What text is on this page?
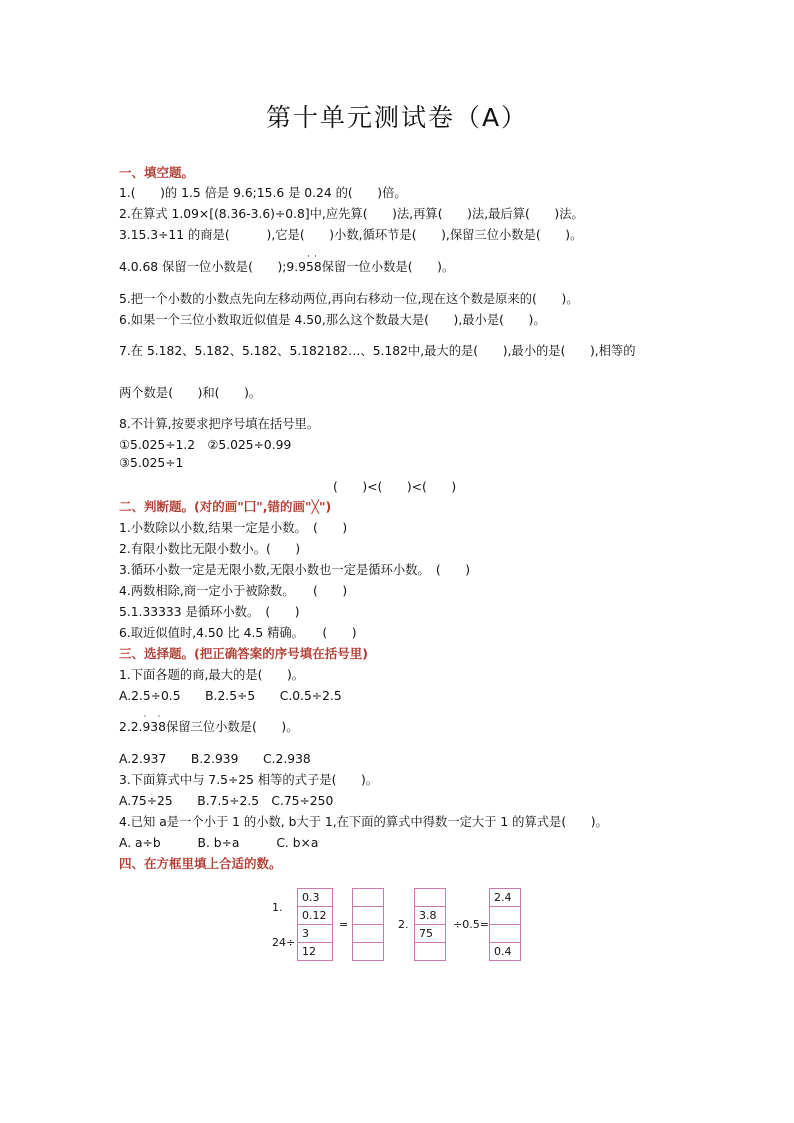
第十单元测试卷（A）
一、填空题。
1.(　　)的 1.5 倍是 9.6;15.6 是 0.24 的(　　)倍。
2.在算式 1.09×[(8.36-3.6)÷0.8]中,应先算(　　)法,再算(　　)法,最后算(　　)法。
3.15.3÷11 的商是(　　　),它是(　　)小数,循环节是(　　),保留三位小数是(　　)。
4.0.68 保留一位小数是(　　);9.958
· ·
保留一位小数是(　　)。
5.把一个小数的小数点先向左移动两位,再向右移动一位,现在这个数是原来的(　　)。
6.如果一个三位小数取近似值是 4.50,那么这个数最大是(　　),最小是(　　)。
7.在 5.182、5.182、5.182、5.182182…、5.182中,最大的是(　　),最小的是(　　),相等的
两个数是(　　)和(　　)。
8.不计算,按要求把序号填在括号里。
①5.025÷1.2　 ②5.025÷0.99
③5.025÷1
(　　)<(　　)<(　　)
二、判断题。(对的画"囗",错的画"╳")
1.小数除以小数,结果一定是小数。　(　　)
2.有限小数比无限小数小。(　　)
3.循环小数一定是无限小数,无限小数也一定是循环小数。　(　　)
4.两数相除,商一定小于被除数。　　(　　)
5.1.33333 是循环小数。　(　　)
6.取近似值时,4.50 比 4.5 精确。　　(　　)
三、选择题。(把正确答案的序号填在括号里)
1.下面各题的商,最大的是(　　)。
A.2.5÷0.5　　B.2.5÷5　　C.0.5÷2.5
2.2.938
· ·
保留三位小数是(　　)。
A.2.937　　B.2.939　　C.2.938
3.下面算式中与 7.5÷25 相等的式子是(　　)。
A.75÷25　　B.7.5÷2.5　C.75÷250
4.已知 a是一个小于 1 的小数, b大于 1,在下面的算式中得数一定大于 1 的算式是(　　)。
A. a÷b　　　B. b÷a　　　C. b×a
四、在方框里填上合适的数。
1.
24÷
0.3
0.12
3
12
=	2.
3.8
75
÷0.5=
2.4
0.4
